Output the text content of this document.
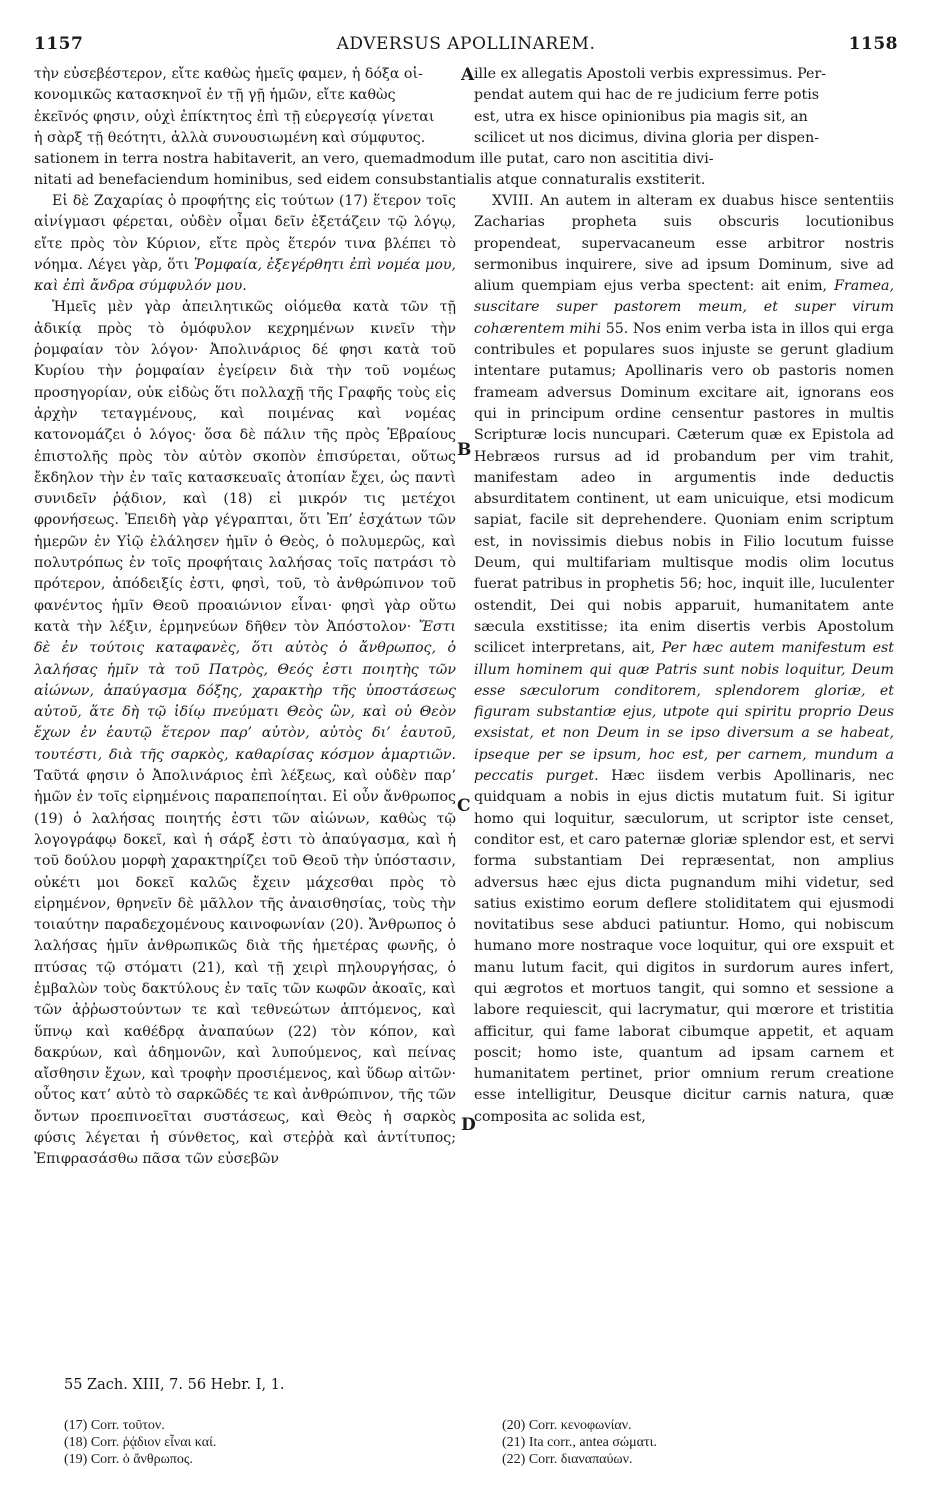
1157	ADVERSUS APOLLINAREM.	1158

τὴν εὐσεβέστερον, εἴτε καθὼς ἡμεῖς φαμεν, ἡ δόξα οἰ-

κονομικῶς κατασκηνοῖ ἐν τῇ γῇ ἡμῶν, εἴτε καθὼς

ἐκεῖνός φησιν, οὐχὶ ἐπίκτητος ἐπὶ τῇ εὐεργεσίᾳ γίνεται

ἡ σὰρξ τῇ θεότητι, ἀλλὰ συνουσιωμένη καὶ σύμφυτος.

ille ex allegatis Apostoli verbis expressimus. Per-

pendat autem qui hac de re judicium ferre potis

est, utra ex hisce opinionibus pia magis sit, an

scilicet ut nos dicimus, divina gloria per dispen-

sationem in terra nostra habitaverit, an vero, quemadmodum ille putat, caro non ascititia divi-

nitati ad benefaciendum hominibus, sed eidem consubstantialis atque connaturalis exstiterit.

Εἰ δὲ Ζαχαρίας ὁ προφήτης εἰς τούτων (17) ἕτερον τοῖς αἰνίγμασι φέρεται, οὐδὲν οἶμαι δεῖν ἐξετάζειν τῷ λόγῳ, εἴτε πρὸς τὸν Κύριον, εἴτε πρὸς ἕτερόν τινα βλέπει τὸ νόημα. Λέγει γὰρ, ὅτι Ῥομφαία, ἐξεγέρθητι ἐπὶ νομέα μου, καὶ ἐπὶ ἄνδρα σύμφυλόν μου.

Ἡμεῖς μὲν γὰρ ἀπειλητικῶς οἰόμεθα κατὰ τῶν τῇ ἀδικίᾳ πρὸς τὸ ὁμόφυλον κεχρημένων κινεῖν τὴν ῥομφαίαν τὸν λόγον· Ἀπολινάριος δέ φησι κατὰ τοῦ Κυρίου τὴν ῥομφαίαν ἐγείρειν διὰ τὴν τοῦ νομέως προσηγορίαν, οὐκ εἰδὼς ὅτι πολλαχῇ τῆς Γραφῆς τοὺς εἰς ἀρχὴν τεταγμένους, καὶ ποιμένας καὶ νομέας κατονομάζει ὁ λόγος· ὅσα δὲ πάλιν τῆς πρὸς Ἑβραίους ἐπιστολῆς πρὸς τὸν αὐτὸν σκοπὸν ἐπισύρεται, οὕτως ἔκδηλον τὴν ἐν ταῖς κατασκευαῖς ἀτοπίαν ἔχει, ὡς παντὶ συνιδεῖν ῥᾴδιον, καὶ (18) εἰ μικρόν τις μετέχοι φρονήσεως. Ἐπειδὴ γὰρ γέγραπται, ὅτι Ἐπ’ ἐσχάτων τῶν ἡμερῶν ἐν Υἱῷ ἐλάλησεν ἡμῖν ὁ Θεὸς, ὁ πολυμερῶς, καὶ πολυτρόπως ἐν τοῖς προφήταις λαλήσας τοῖς πατράσι τὸ πρότερον, ἀπόδειξίς ἐστι, φησὶ, τοῦ, τὸ ἀνθρώπινον τοῦ φανέντος ἡμῖν Θεοῦ προαιώνιον εἶναι· φησὶ γὰρ οὕτω κατὰ τὴν λέξιν, ἑρμηνεύων δῆθεν τὸν Ἀπόστολον· Ἔστι δὲ ἐν τούτοις καταφανὲς, ὅτι αὐτὸς ὁ ἄνθρωπος, ὁ λαλήσας ἡμῖν τὰ τοῦ Πατρὸς, Θεός ἐστι ποιητὴς τῶν αἰώνων, ἀπαύγασμα δόξης, χαρακτὴρ τῆς ὑποστάσεως αὐτοῦ, ἅτε δὴ τῷ ἰδίῳ πνεύματι Θεὸς ὢν, καὶ οὐ Θεὸν ἔχων ἐν ἑαυτῷ ἕτερον παρ’ αὐτὸν, αὐτὸς δι’ ἑαυτοῦ, τουτέστι, διὰ τῆς σαρκὸς, καθαρίσας κόσμον ἁμαρτιῶν. Ταῦτά φησιν ὁ Ἀπολινάριος ἐπὶ λέξεως, καὶ οὐδὲν παρ’ ἡμῶν ἐν τοῖς εἰρημένοις παραπεποίηται. Εἰ οὖν ἄνθρωπος (19) ὁ λαλήσας ποιητής ἐστι τῶν αἰώνων, καθὼς τῷ λογογράφῳ δοκεῖ, καὶ ἡ σάρξ ἐστι τὸ ἀπαύγασμα, καὶ ἡ τοῦ δούλου μορφὴ χαρακτηρίζει τοῦ Θεοῦ τὴν ὑπόστασιν, οὐκέτι μοι δοκεῖ καλῶς ἔχειν μάχεσθαι πρὸς τὸ εἰρημένον, θρηνεῖν δὲ μᾶλλον τῆς ἀναισθησίας, τοὺς τὴν τοιαύτην παραδεχομένους καινοφωνίαν (20). Ἄνθρωπος ὁ λαλήσας ἡμῖν ἀνθρωπικῶς διὰ τῆς ἡμετέρας φωνῆς, ὁ πτύσας τῷ στόματι (21), καὶ τῇ χειρὶ πηλουργήσας, ὁ ἐμβαλὼν τοὺς δακτύλους ἐν ταῖς τῶν κωφῶν ἀκοαῖς, καὶ τῶν ἀῤῥωστούντων τε καὶ τεθνεώτων ἁπτόμενος, καὶ ὕπνῳ καὶ καθέδρᾳ ἀναπαύων (22) τὸν κόπον, καὶ δακρύων, καὶ ἀδημονῶν, καὶ λυπούμενος, καὶ πείνας αἴσθησιν ἔχων, καὶ τροφὴν προσιέμενος, καὶ ὕδωρ αἰτῶν· οὗτος κατ’ αὐτὸ τὸ σαρκῶδές τε καὶ ἀνθρώπινον, τῆς τῶν ὄντων προεπινοεῖται συστάσεως, καὶ Θεὸς ἡ σαρκὸς φύσις λέγεται ἡ σύνθετος, καὶ στεῤῥὰ καὶ ἀντίτυπος; Ἐπιφρασάσθω πᾶσα τῶν εὐσεβῶν

XVIII. An autem in alteram ex duabus hisce sententiis Zacharias propheta suis obscuris locutionibus propendeat, supervacaneum esse arbitror nostris sermonibus inquirere, sive ad ipsum Dominum, sive ad alium quempiam ejus verba spectent: ait enim, Framea, suscitare super pastorem meum, et super virum cohærentem mihi 55. Nos enim verba ista in illos qui erga contribules et populares suos injuste se gerunt gladium intentare putamus; Apollinaris vero ob pastoris nomen frameam adversus Dominum excitare ait, ignorans eos qui in principum ordine censentur pastores in multis Scripturæ locis nuncupari. Cæterum quæ ex Epistola ad Hebræos rursus ad id probandum per vim trahit, manifestam adeo in argumentis inde deductis absurditatem continent, ut eam unicuique, etsi modicum sapiat, facile sit deprehendere. Quoniam enim scriptum est, in novissimis diebus nobis in Filio locutum fuisse Deum, qui multifariam multisque modis olim locutus fuerat patribus in prophetis 56; hoc, inquit ille, luculenter ostendit, Dei qui nobis apparuit, humanitatem ante sæcula exstitisse; ita enim disertis verbis Apostolum scilicet interpretans, ait, Per hæc autem manifestum est illum hominem qui quæ Patris sunt nobis loquitur, Deum esse sæculorum conditorem, splendorem gloriæ, et figuram substantiæ ejus, utpote qui spiritu proprio Deus exsistat, et non Deum in se ipso diversum a se habeat, ipseque per se ipsum, hoc est, per carnem, mundum a peccatis purget. Hæc iisdem verbis Apollinaris, nec quidquam a nobis in ejus dictis mutatum fuit. Si igitur homo qui loquitur, sæculorum, ut scriptor iste censet, conditor est, et caro paternæ gloriæ splendor est, et servi forma substantiam Dei repræsentat, non amplius adversus hæc ejus dicta pugnandum mihi videtur, sed satius existimo eorum deflere stoliditatem qui ejusmodi novitatibus sese abduci patiuntur. Homo, qui nobiscum humano more nostraque voce loquitur, qui ore exspuit et manu lutum facit, qui digitos in surdorum aures infert, qui ægrotos et mortuos tangit, qui somno et sessione a labore requiescit, qui lacrymatur, qui mœrore et tristitia afficitur, qui fame laborat cibumque appetit, et aquam poscit; homo iste, quantum ad ipsam carnem et humanitatem pertinet, prior omnium rerum creatione esse intelligitur, Deusque dicitur carnis natura, quæ composita ac solida est,

A
B
C
D
55 Zach. XIII, 7. 56 Hebr. I, 1.
(17) Corr. τοῦτον.
(18) Corr. ῥᾴδιον εἶναι καί.
(19) Corr. ὁ ἄνθρωπος.
(20) Corr. κενοφωνίαν.
(21) Ita corr., antea σώματι.
(22) Corr. διαναπαύων.
